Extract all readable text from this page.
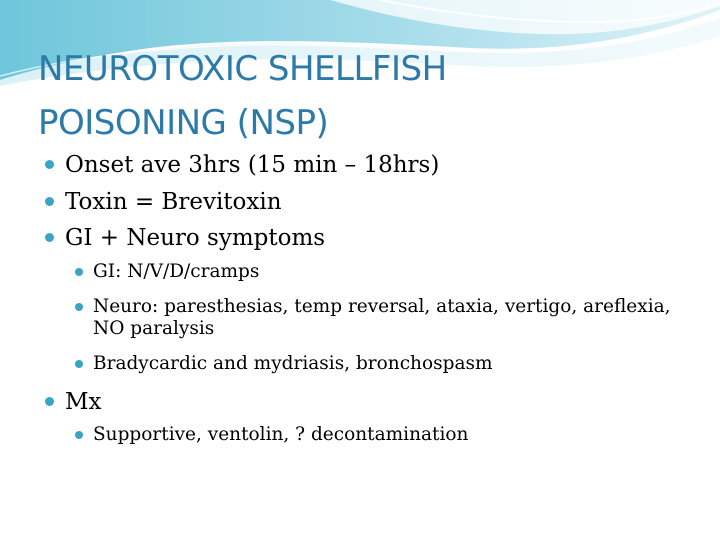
NEUROTOXIC SHELLFISH
POISONING (NSP)
Onset ave 3hrs (15 min – 18hrs)
Toxin = Brevitoxin
GI + Neuro symptoms
GI: N/V/D/cramps
Neuro: paresthesias, temp reversal, ataxia, vertigo, areflexia, NO paralysis
Bradycardic and mydriasis, bronchospasm
Mx
Supportive, ventolin, ? decontamination
